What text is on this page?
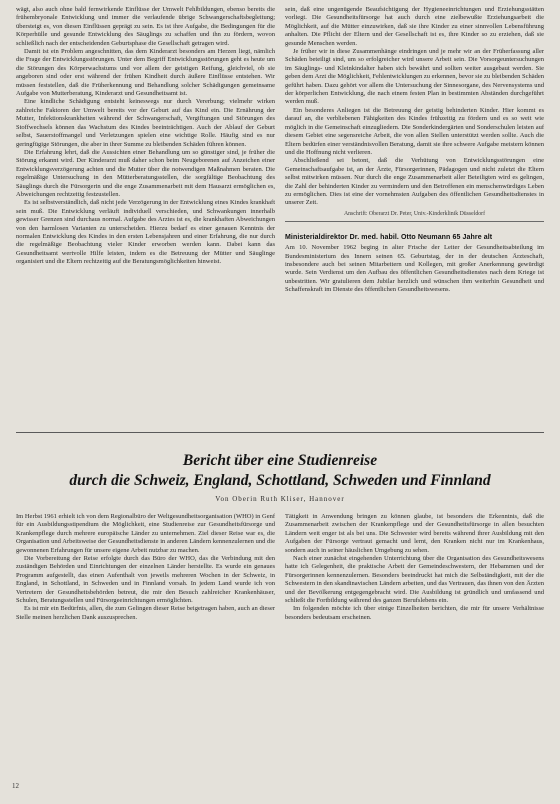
wägt, also auch ohne bald fernwirkende Einflüsse der Umwelt Fehlbildungen, ebenso bereits die frühembryonale Entwicklung und immer die verlaufende übrige Schwangerschaftsbegleitung; übersteigt es, von diesen Einflüssen geprägt zu sein. Es ist ihre Aufgabe, die Bedingungen für die Körperhülle und gesunde Entwicklung des Säuglings zu schaffen und ihn zu fördern, wovon schließlich nach der entscheidenden Geburtsphase die Gesellschaft getragen wird.

Damit ist ein Problem angeschnitten, das dem Kinderarzt besonders am Herzen liegt, nämlich die Frage der Entwicklungsstörungen. Unter dem Begriff Entwicklungsstörungen geht es heute um die Störungen des Körperwachstums und vor allem der geistigen Reifung, gleichviel, ob sie angeboren sind oder erst während der frühen Kindheit durch äußere Einflüsse entstehen. Wir müssen feststellen, daß die Früherkennung und Behandlung solcher Schädigungen gemeinsame Aufgabe von Mutterberatung, Kinderarzt und Gesundheitsamt ist.

Eine kindliche Schädigung entsteht keineswegs nur durch Vererbung; vielmehr wirken zahlreiche Faktoren der Umwelt bereits vor der Geburt auf das Kind ein. Die Ernährung der Mutter, Infektionskrankheiten während der Schwangerschaft, Vergiftungen und Störungen des Stoffwechsels können das Wachstum des Kindes beeinträchtigen. Auch der Ablauf der Geburt selbst, Sauerstoffmangel und Verletzungen spielen eine wichtige Rolle. Häufig sind es nur geringfügige Störungen, die aber in ihrer Summe zu bleibenden Schäden führen können.

Die Erfahrung lehrt, daß die Aussichten einer Behandlung um so günstiger sind, je früher die Störung erkannt wird. Der Kinderarzt muß daher schon beim Neugeborenen auf Anzeichen einer Entwicklungsverzögerung achten und die Mutter über die notwendigen Maßnahmen beraten. Die regelmäßige Untersuchung in den Mütterberatungsstellen, die sorgfältige Beobachtung des Säuglings durch die Fürsorgerin und die enge Zusammenarbeit mit dem Hausarzt ermöglichen es, Abweichungen rechtzeitig festzustellen.

Es ist selbstverständlich, daß nicht jede Verzögerung in der Entwicklung eines Kindes krankhaft sein muß. Die Entwicklung verläuft individuell verschieden, und Schwankungen innerhalb gewisser Grenzen sind durchaus normal. Aufgabe des Arztes ist es, die krankhaften Abweichungen von den harmlosen Varianten zu unterscheiden. Hierzu bedarf es einer genauen Kenntnis der normalen Entwicklung des Kindes in den ersten Lebensjahren und einer Erfahrung, die nur durch die regelmäßige Beobachtung vieler Kinder erworben werden kann. Dabei kann das Gesundheitsamt wertvolle Hilfe leisten, indem es die Betreuung der Mütter und Säuglinge organisiert und die Eltern rechtzeitig auf die Beratungsmöglichkeiten hinweist.

sein, daß eine ungenügende Beaufsichtigung der Hygieneeinrichtungen und Erziehungsstätten vorliegt. Die Gesundheitsfürsorge hat auch durch eine zielbewußte Erziehungsarbeit die Möglichkeit, auf die Mütter einzuwirken, daß sie ihre Kinder zu einer sinnvollen Lebensführung anhalten. Die Pflicht der Eltern und der Gesellschaft ist es, ihre Kinder so zu erziehen, daß sie gesunde Menschen werden.

Je früher wir in diese Zusammenhänge eindringen und je mehr wir an der Früherfassung aller Schäden beteiligt sind, um so erfolgreicher wird unsere Arbeit sein. Die Vorsorgeuntersuchungen im Säuglings- und Kleinkindalter haben sich bewährt und sollten weiter ausgebaut werden. Sie geben dem Arzt die Möglichkeit, Fehlentwicklungen zu erkennen, bevor sie zu bleibenden Schäden geführt haben. Dazu gehört vor allem die Untersuchung der Sinnesorgane, des Nervensystems und der körperlichen Entwicklung, die nach einem festen Plan in bestimmten Abständen durchgeführt werden muß.

Ein besonderes Anliegen ist die Betreuung der geistig behinderten Kinder. Hier kommt es darauf an, die verbliebenen Fähigkeiten des Kindes frühzeitig zu fördern und es so weit wie möglich in die Gemeinschaft einzugliedern. Die Sonderkindergärten und Sonderschulen leisten auf diesem Gebiet eine segensreiche Arbeit, die von allen Stellen unterstützt werden sollte. Auch die Eltern bedürfen einer verständnisvollen Beratung, damit sie ihre schwere Aufgabe meistern können und die Hoffnung nicht verlieren.

Abschließend sei betont, daß die Verhütung von Entwicklungsstörungen eine Gemeinschaftsaufgabe ist, an der Ärzte, Fürsorgerinnen, Pädagogen und nicht zuletzt die Eltern selbst mitwirken müssen. Nur durch die enge Zusammenarbeit aller Beteiligten wird es gelingen, die Zahl der behinderten Kinder zu vermindern und den Betroffenen ein menschenwürdiges Leben zu ermöglichen. Dies ist eine der vornehmsten Aufgaben des öffentlichen Gesundheitsdienstes in unserer Zeit.

Anschrift: Oberarzt Dr. Peter, Univ.-Kinderklinik Düsseldorf
Ministerialdirektor Dr. med. habil. Otto Neumann 65 Jahre alt

Am 10. November 1962 beging in alter Frische der Leiter der Gesundheitsabteilung im Bundesministerium des Innern seinen 65. Geburtstag, der in der deutschen Ärzteschaft, insbesondere auch bei seinen Mitarbeitern und Kollegen, mit großer Anerkennung gewürdigt wurde. Sein Verdienst um den Aufbau des öffentlichen Gesundheitsdienstes nach dem Kriege ist unbestritten. Wir gratulieren dem Jubilar herzlich und wünschen ihm weiterhin Gesundheit und Schaffenskraft im Dienste des öffentlichen Gesundheitswesens.

Bericht über eine Studienreise
durch die Schweiz, England, Schottland, Schweden und Finnland
Von Oberin Ruth Kliser, Hannover

Im Herbst 1961 erhielt ich von dem Regionalbüro der Weltgesundheitsorganisation (WHO) in Genf für ein Ausbildungsstipendium die Möglichkeit, eine Studienreise zur Gesundheitsfürsorge und Krankenpflege durch mehrere europäische Länder zu unternehmen. Ziel dieser Reise war es, die Organisation und Arbeitsweise der Gesundheitsdienste in anderen Ländern kennenzulernen und die gewonnenen Erfahrungen für unsere eigene Arbeit nutzbar zu machen.

Die Vorbereitung der Reise erfolgte durch das Büro der WHO, das die Verbindung mit den zuständigen Behörden und Einrichtungen der einzelnen Länder herstellte. Es wurde ein genaues Programm aufgestellt, das einen Aufenthalt von jeweils mehreren Wochen in der Schweiz, in England, in Schottland, in Schweden und in Finnland vorsah. In jedem Land wurde ich von Vertretern der Gesundheitsbehörden betreut, die mir den Besuch zahlreicher Krankenhäuser, Schulen, Beratungsstellen und Fürsorgeeinrichtungen ermöglichten.

Es ist mir ein Bedürfnis, allen, die zum Gelingen dieser Reise beigetragen haben, auch an dieser Stelle meinen herzlichen Dank auszusprechen.

Tätigkeit in Anwendung bringen zu können glaube, ist besonders die Erkenntnis, daß die Zusammenarbeit zwischen der Krankenpflege und der Gesundheitsfürsorge in allen besuchten Ländern weit enger ist als bei uns. Die Schwester wird bereits während ihrer Ausbildung mit den Aufgaben der Fürsorge vertraut gemacht und lernt, den Kranken nicht nur im Krankenhaus, sondern auch in seiner häuslichen Umgebung zu sehen.

Nach einer zunächst eingehenden Unterrichtung über die Organisation des Gesundheitswesens hatte ich Gelegenheit, die praktische Arbeit der Gemeindeschwestern, der Hebammen und der Fürsorgerinnen kennenzulernen. Besonders beeindruckt hat mich die Selbständigkeit, mit der die Schwestern in den skandinavischen Ländern arbeiten, und das Vertrauen, das ihnen von den Ärzten und der Bevölkerung entgegengebracht wird. Die Ausbildung ist gründlich und umfassend und schließt die Fortbildung während des ganzen Berufslebens ein.

Im folgenden möchte ich über einige Einzelheiten berichten, die mir für unsere Verhältnisse besonders bedeutsam erscheinen.

12
